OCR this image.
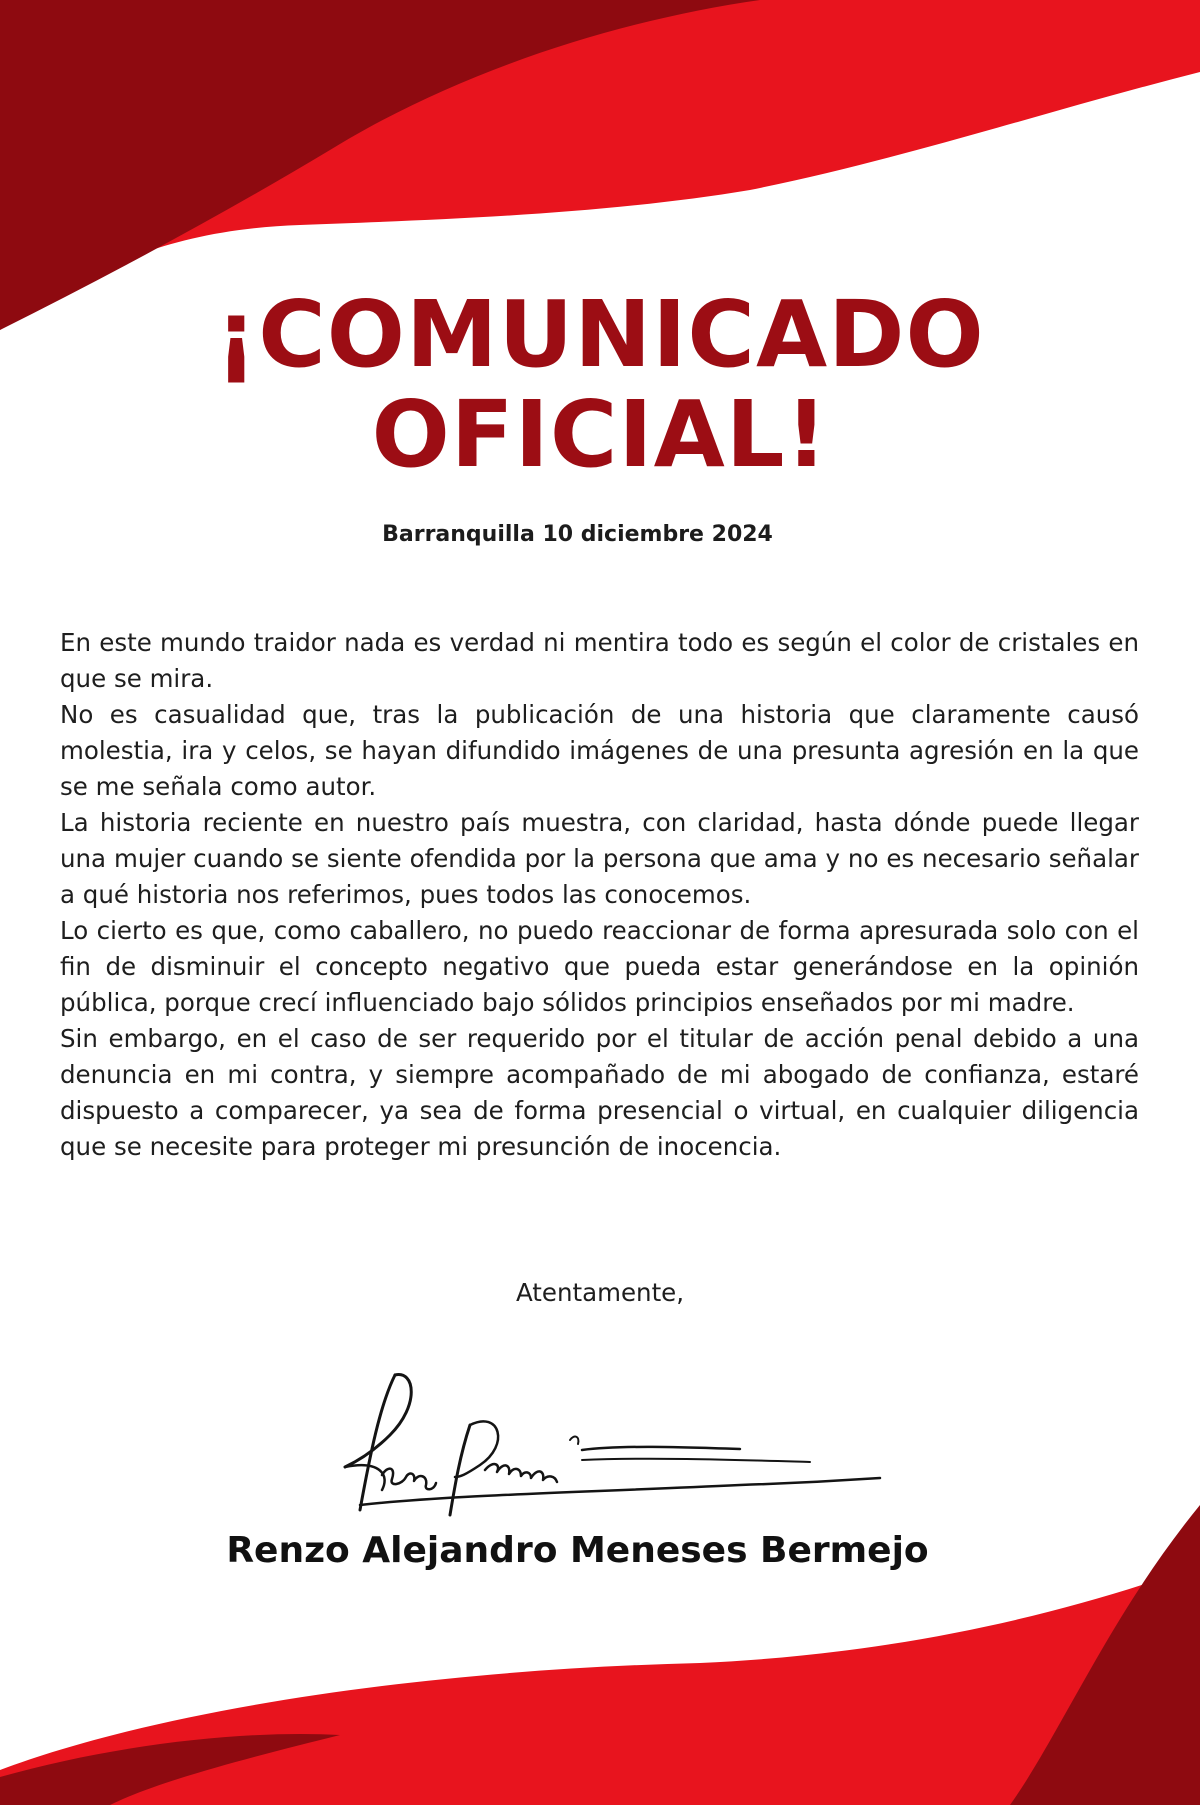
¡COMUNICADO
OFICIAL!
Barranquilla 10 diciembre 2024

En este mundo traidor nada es verdad ni mentira todo es según el color de cristales en que se mira.

No es casualidad que, tras la publicación de una historia que claramente causó molestia, ira y celos, se hayan difundido imágenes de una presunta agresión en la que se me señala como autor.

La historia reciente en nuestro país muestra, con claridad, hasta dónde puede llegar una mujer cuando se siente ofendida por la persona que ama y no es necesario señalar a qué historia nos referimos, pues todos las conocemos.

Lo cierto es que, como caballero, no puedo reaccionar de forma apresurada solo con el fin de disminuir el concepto negativo que pueda estar generándose en la opinión pública, porque crecí influenciado bajo sólidos principios enseñados por mi madre.

Sin embargo, en el caso de ser requerido por el titular de acción penal debido a una denuncia en mi contra, y siempre acompañado de mi abogado de confianza, estaré dispuesto a comparecer, ya sea de forma presencial o virtual, en cualquier diligencia que se necesite para proteger mi presunción de inocencia.

Atentamente,
Renzo Alejandro Meneses Bermejo
